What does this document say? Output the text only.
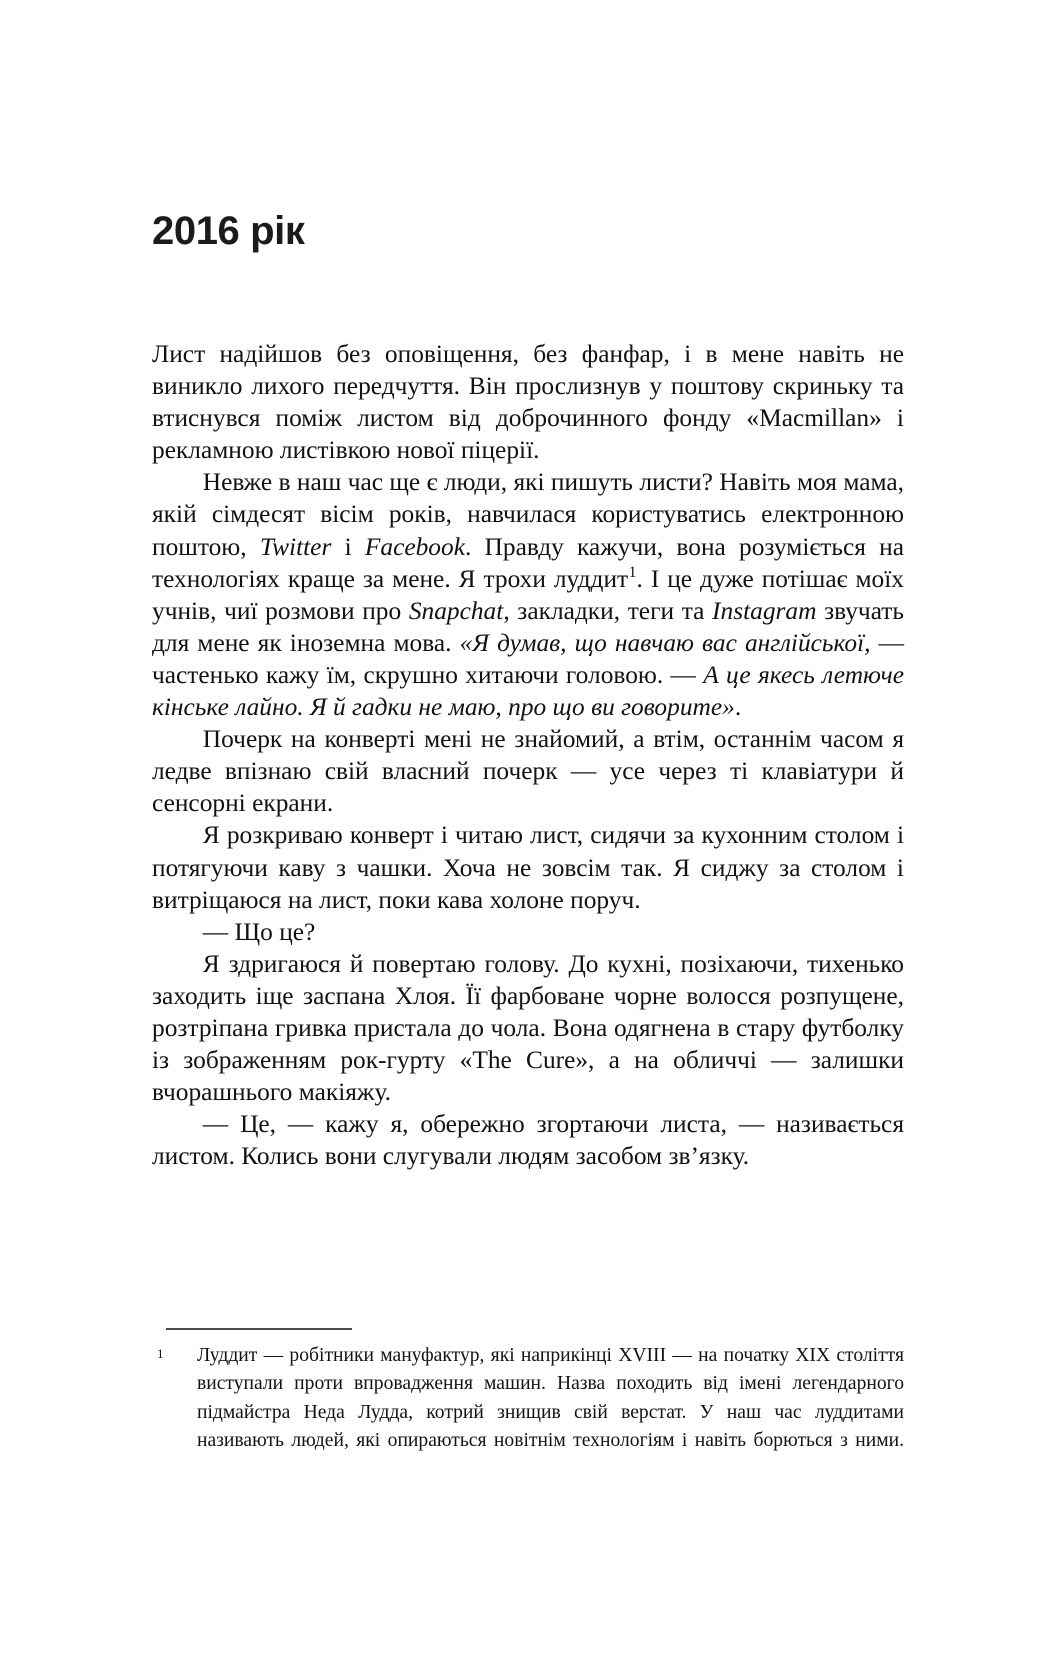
2016 рік

Лист надійшов без оповіщення, без фанфар, і в мене навіть не виникло лихого передчуття. Він прослизнув у поштову скриньку та втиснувся поміж листом від доброчинного фонду «Macmillan» і рекламною листівкою нової піцерії.

Невже в наш час ще є люди, які пишуть листи? Навіть моя мама, якій сімдесят вісім років, навчилася користуватись електронною поштою, Twitter і Facebook. Правду кажучи, вона розуміється на технологіях краще за мене. Я трохи луддит$^1$. І це дуже потішає моїх учнів, чиї розмови про Snapchat, закладки, теги та Instagram звучать для мене як іноземна мова. «Я думав, що навчаю вас англійської, — частенько кажу їм, скрушно хитаючи головою. — А це якесь летюче кінське лайно. Я й гадки не маю, про що ви говорите».

Почерк на конверті мені не знайомий, а втім, останнім часом я ледве впізнаю свій власний почерк — усе через ті клавіатури й сенсорні екрани.

Я розкриваю конверт і читаю лист, сидячи за кухонним столом і потягуючи каву з чашки. Хоча не зовсім так. Я сиджу за столом і витріщаюся на лист, поки кава холоне поруч.

— Що це?

Я здригаюся й повертаю голову. До кухні, позіхаючи, тихенько заходить іще заспана Хлоя. Її фарбоване чорне волосся розпущене, розтріпана гривка пристала до чола. Вона одягнена в стару футболку із зображенням рок-гурту «The Cure», а на обличчі — залишки вчорашнього макіяжу.

— Це, — кажу я, обережно згортаючи листа, — називається листом. Колись вони слугували людям засобом зв’язку.

1 Луддит — робітники мануфактур, які наприкінці XVIII — на початку XIX століття виступали проти впровадження машин. Назва походить від імені легендарного підмайстра Неда Лудда, котрий знищив свій верстат. У наш час луддитами називають людей, які опираються новітнім технологіям і навіть борються з ними.
